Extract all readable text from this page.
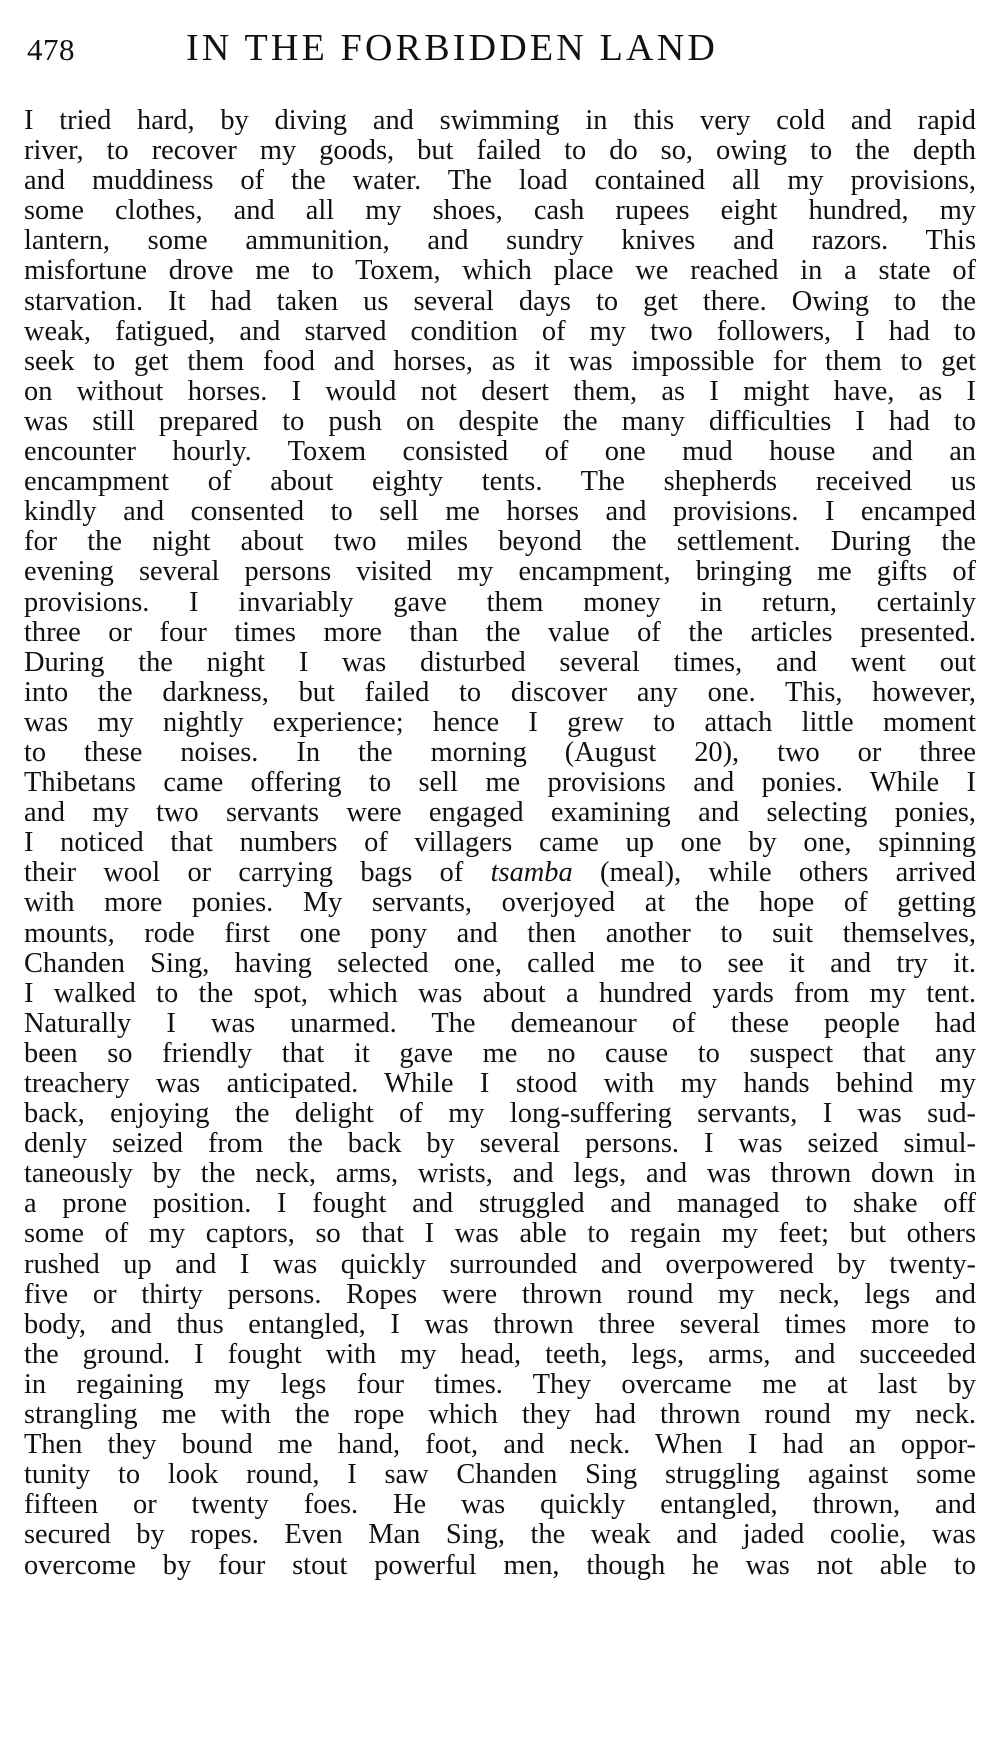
478	IN THE FORBIDDEN LAND
I tried hard, by diving and swimming in this very cold and rapid
river, to recover my goods, but failed to do so, owing to the depth
and muddiness of the water. The load contained all my provisions,
some clothes, and all my shoes, cash rupees eight hundred, my
lantern, some ammunition, and sundry knives and razors. This
misfortune drove me to Toxem, which place we reached in a state of
starvation. It had taken us several days to get there. Owing to the
weak, fatigued, and starved condition of my two followers, I had to
seek to get them food and horses, as it was impossible for them to get
on without horses. I would not desert them, as I might have, as I
was still prepared to push on despite the many difficulties I had to
encounter hourly. Toxem consisted of one mud house and an
encampment of about eighty tents. The shepherds received us
kindly and consented to sell me horses and provisions. I encamped
for the night about two miles beyond the settlement. During the
evening several persons visited my encampment, bringing me gifts of
provisions. I invariably gave them money in return, certainly
three or four times more than the value of the articles presented.
During the night I was disturbed several times, and went out
into the darkness, but failed to discover any one. This, however,
was my nightly experience; hence I grew to attach little moment
to these noises. In the morning (August 20), two or three
Thibetans came offering to sell me provisions and ponies. While I
and my two servants were engaged examining and selecting ponies,
I noticed that numbers of villagers came up one by one, spinning
their wool or carrying bags of tsamba (meal), while others arrived
with more ponies. My servants, overjoyed at the hope of getting
mounts, rode first one pony and then another to suit themselves,
Chanden Sing, having selected one, called me to see it and try it.
I walked to the spot, which was about a hundred yards from my tent.
Naturally I was unarmed. The demeanour of these people had
been so friendly that it gave me no cause to suspect that any
treachery was anticipated. While I stood with my hands behind my
back, enjoying the delight of my long-suffering servants, I was sud-
denly seized from the back by several persons. I was seized simul-
taneously by the neck, arms, wrists, and legs, and was thrown down in
a prone position. I fought and struggled and managed to shake off
some of my captors, so that I was able to regain my feet; but others
rushed up and I was quickly surrounded and overpowered by twenty-
five or thirty persons. Ropes were thrown round my neck, legs and
body, and thus entangled, I was thrown three several times more to
the ground. I fought with my head, teeth, legs, arms, and succeeded
in regaining my legs four times. They overcame me at last by
strangling me with the rope which they had thrown round my neck.
Then they bound me hand, foot, and neck. When I had an oppor-
tunity to look round, I saw Chanden Sing struggling against some
fifteen or twenty foes. He was quickly entangled, thrown, and
secured by ropes. Even Man Sing, the weak and jaded coolie, was
overcome by four stout powerful men, though he was not able to
